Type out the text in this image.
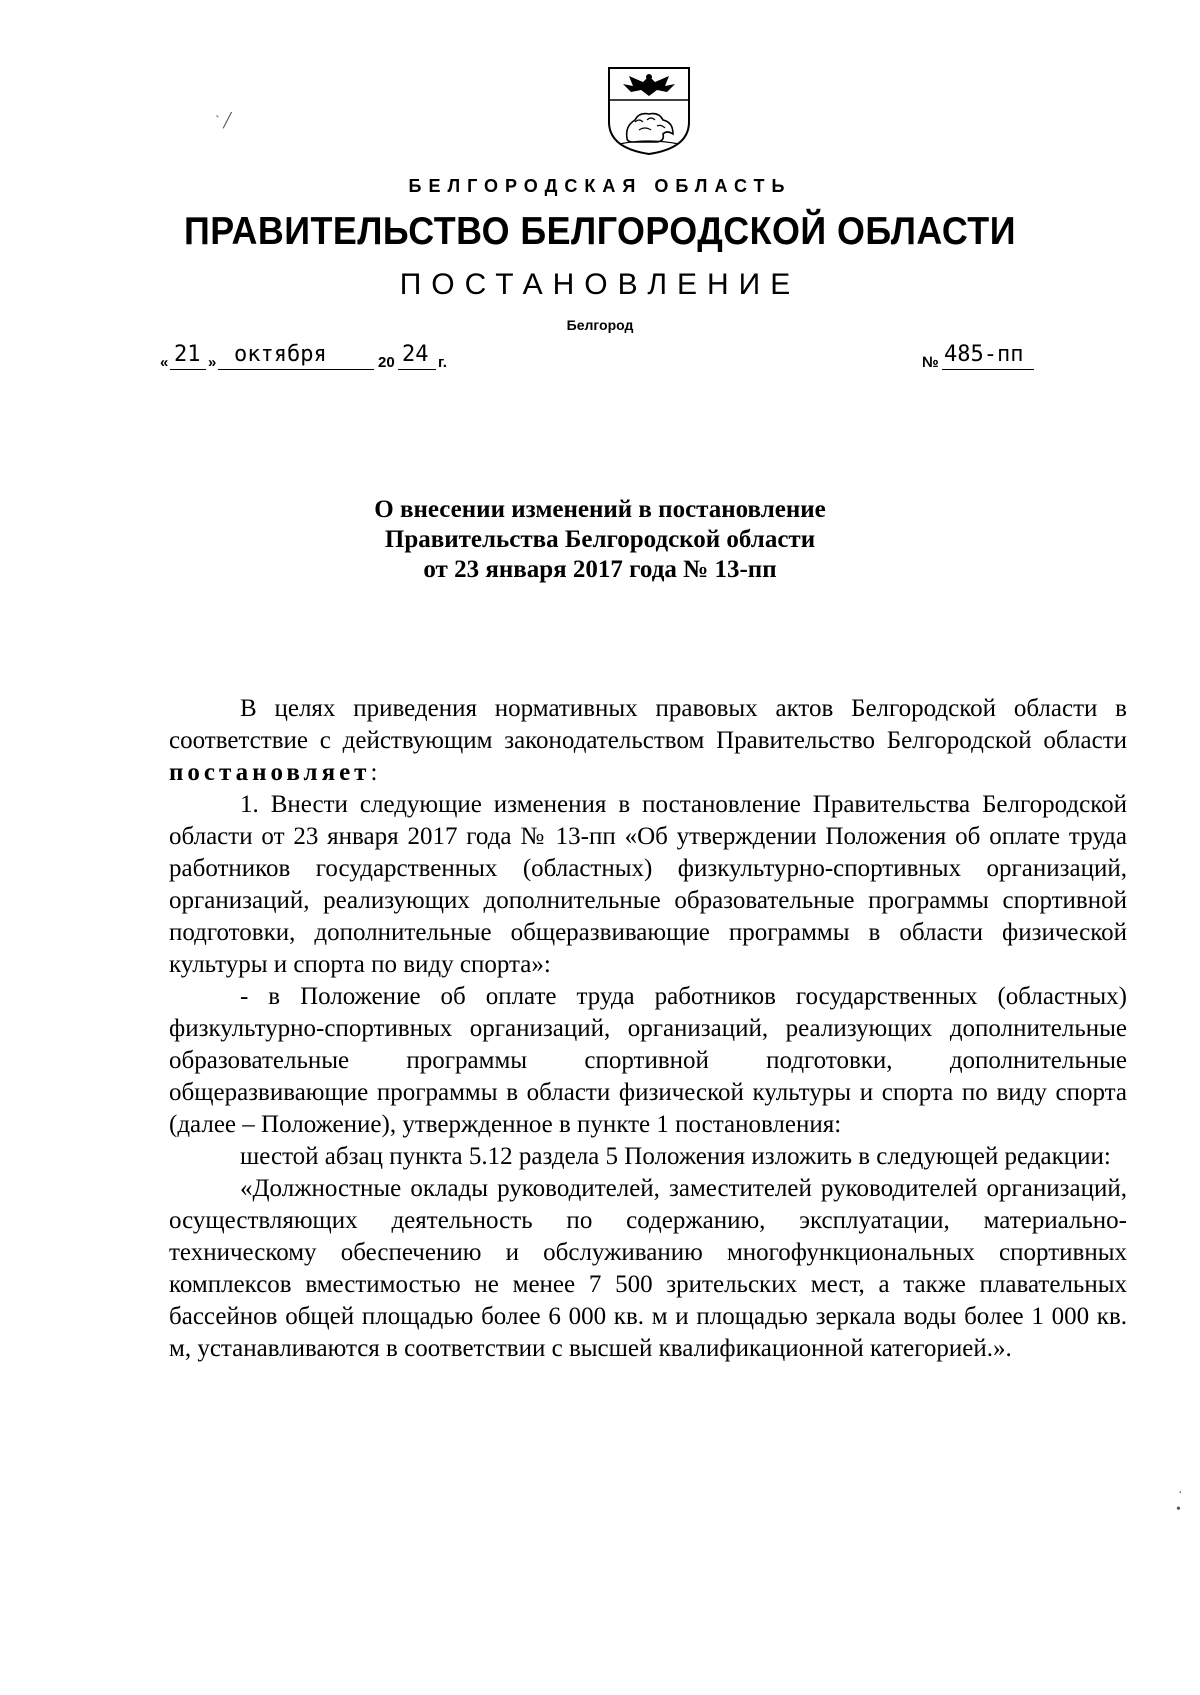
БЕЛГОРОДСКАЯ ОБЛАСТЬ
ПРАВИТЕЛЬСТВО БЕЛГОРОДСКОЙ ОБЛАСТИ
ПОСТАНОВЛЕНИЕ
Белгород
« 21 » октября	20 24 г.	№ 485-пп
О внесении изменений в постановление
Правительства Белгородской области
от 23 января 2017 года № 13-пп

В целях приведения нормативных правовых актов Белгородской области в соответствие с действующим законодательством Правительство Белгородской области постановляет:

1. Внести следующие изменения в постановление Правительства Белгородской области от 23 января 2017 года № 13-пп «Об утверждении Положения об оплате труда работников государственных (областных) физкультурно-спортивных организаций, организаций, реализующих дополнительные образовательные программы спортивной подготовки, дополнительные общеразвивающие программы в области физической культуры и спорта по виду спорта»:

- в Положение об оплате труда работников государственных (областных) физкультурно-спортивных организаций, организаций, реализующих дополнительные образовательные программы спортивной подготовки, дополнительные общеразвивающие программы в области физической культуры и спорта по виду спорта (далее – Положение), утвержденное в пункте 1 постановления:

шестой абзац пункта 5.12 раздела 5 Положения изложить в следующей редакции:

«Должностные оклады руководителей, заместителей руководителей организаций, осуществляющих деятельность по содержанию, эксплуатации, материально-техническому обеспечению и обслуживанию многофункциональных спортивных комплексов вместимостью не менее 7 500 зрительских мест, а также плавательных бассейнов общей площадью более 6 000 кв. м и площадью зеркала воды более 1 000 кв. м, устанавливаются в соответствии с высшей квалификационной категорией.».

ˋ ╱
·
•
